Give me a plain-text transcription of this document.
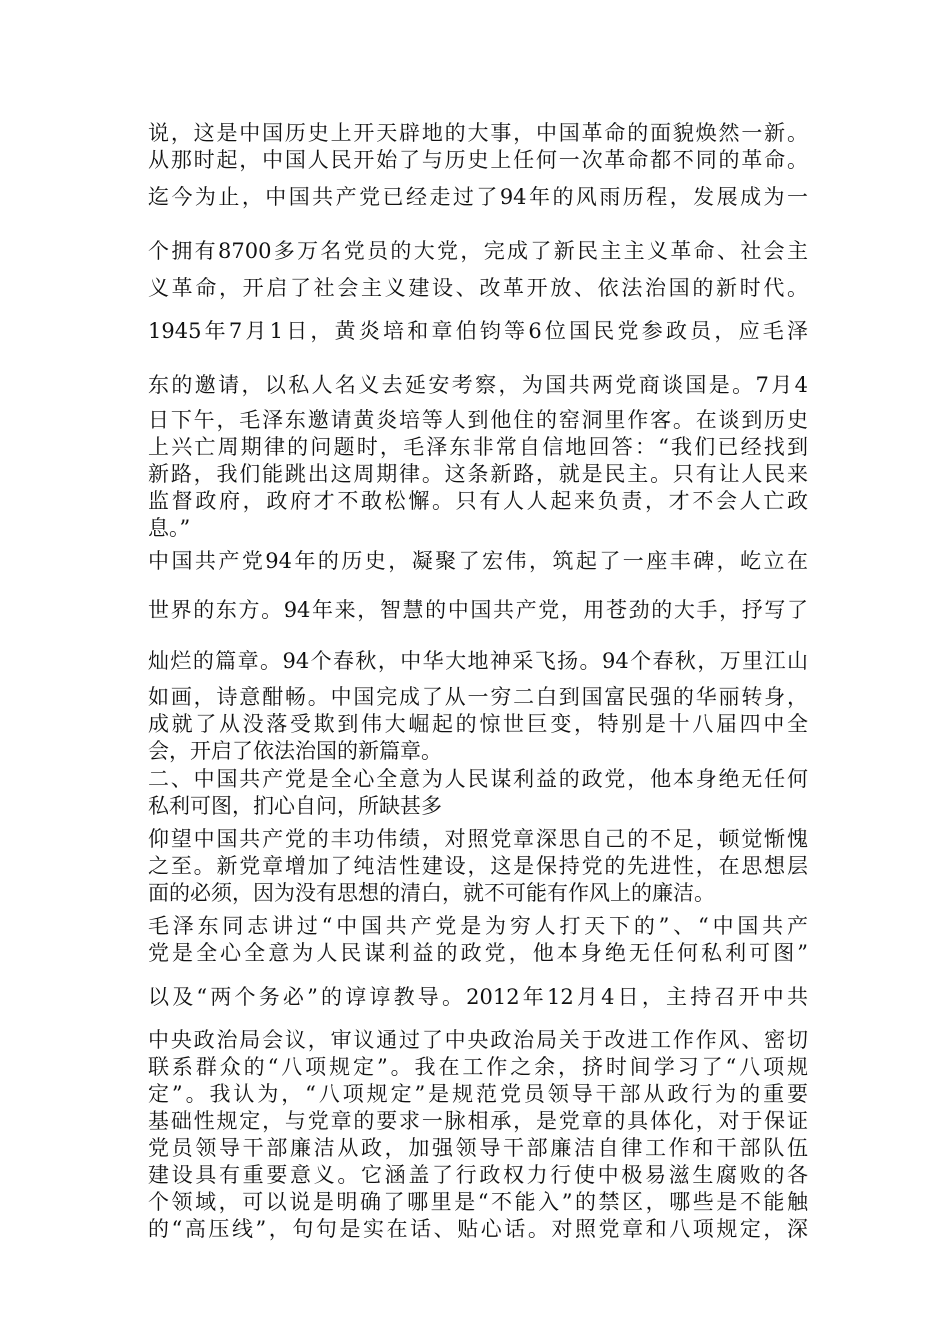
说，这是中国历史上开天辟地的大事，中国革命的面貌焕然一新。

从那时起，中国人民开始了与历史上任何一次革命都不同的革命。

迄今为止，中国共产党已经走过了94年的风雨历程，发展成为一

个拥有8700多万名党员的大党，完成了新民主主义革命、社会主

义革命，开启了社会主义建设、改革开放、依法治国的新时代。

1945年7月1日，黄炎培和章伯钧等6位国民党参政员，应毛泽

东的邀请，以私人名义去延安考察，为国共两党商谈国是。7月4

日下午，毛泽东邀请黄炎培等人到他住的窑洞里作客。在谈到历史

上兴亡周期律的问题时，毛泽东非常自信地回答：“我们已经找到

新路，我们能跳出这周期律。这条新路，就是民主。只有让人民来

监督政府，政府才不敢松懈。只有人人起来负责，才不会人亡政

息。”

中国共产党94年的历史，凝聚了宏伟，筑起了一座丰碑，屹立在

世界的东方。94年来，智慧的中国共产党，用苍劲的大手，抒写了

灿烂的篇章。94个春秋，中华大地神采飞扬。94个春秋，万里江山

如画，诗意酣畅。中国完成了从一穷二白到国富民强的华丽转身，

成就了从没落受欺到伟大崛起的惊世巨变，特别是十八届四中全

会，开启了依法治国的新篇章。

二、中国共产党是全心全意为人民谋利益的政党，他本身绝无任何

私利可图，扪心自问，所缺甚多

仰望中国共产党的丰功伟绩，对照党章深思自己的不足，顿觉惭愧

之至。新党章增加了纯洁性建设，这是保持党的先进性，在思想层

面的必须，因为没有思想的清白，就不可能有作风上的廉洁。

毛泽东同志讲过“中国共产党是为穷人打天下的”、“中国共产

党是全心全意为人民谋利益的政党，他本身绝无任何私利可图”

以及“两个务必”的谆谆教导。2012年12月4日，主持召开中共

中央政治局会议，审议通过了中央政治局关于改进工作作风、密切

联系群众的“八项规定”。我在工作之余，挤时间学习了“八项规

定”。我认为，“八项规定”是规范党员领导干部从政行为的重要

基础性规定，与党章的要求一脉相承，是党章的具体化，对于保证

党员领导干部廉洁从政，加强领导干部廉洁自律工作和干部队伍

建设具有重要意义。它涵盖了行政权力行使中极易滋生腐败的各

个领域，可以说是明确了哪里是“不能入”的禁区，哪些是不能触

的“高压线”，句句是实在话、贴心话。对照党章和八项规定，深
